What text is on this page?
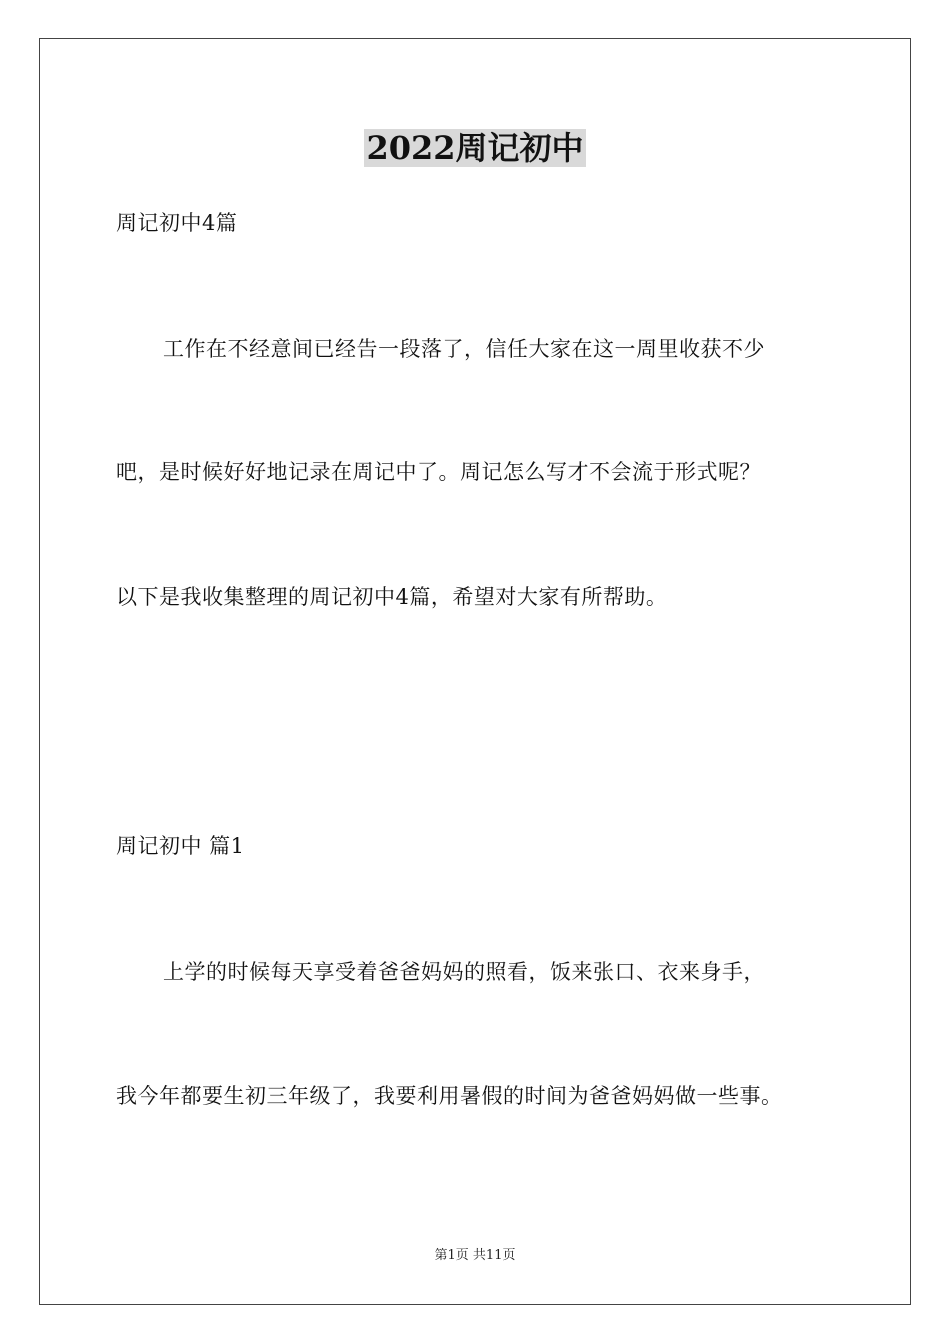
2022周记初中
周记初中4篇
工作在不经意间已经告一段落了，信任大家在这一周里收获不少
吧，是时候好好地记录在周记中了。周记怎么写才不会流于形式呢？
以下是我收集整理的周记初中4篇，希望对大家有所帮助。
周记初中 篇1
上学的时候每天享受着爸爸妈妈的照看，饭来张口、衣来身手，
我今年都要生初三年级了，我要利用暑假的时间为爸爸妈妈做一些事。
第1页 共11页
